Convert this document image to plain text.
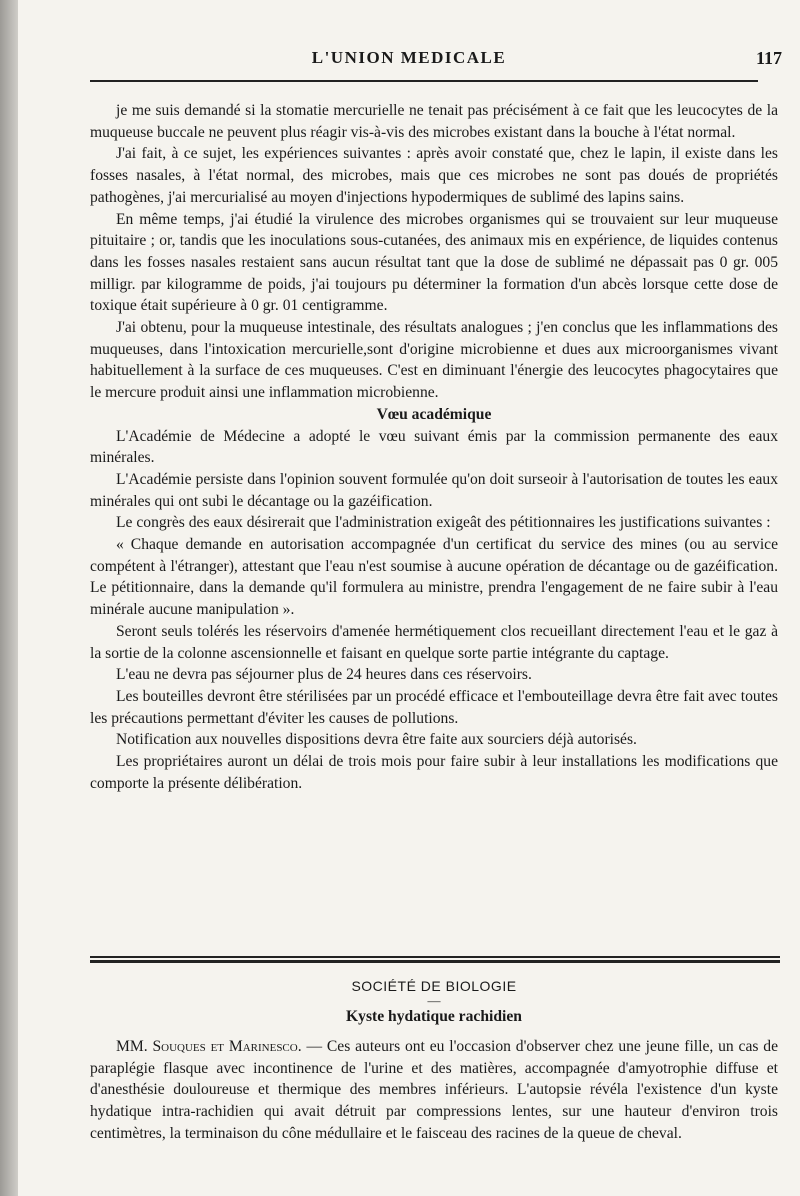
L'UNION MEDICALE	117

je me suis demandé si la stomatie mercurielle ne tenait pas précisément à ce fait que les leucocytes de la muqueuse buccale ne peuvent plus réagir vis-à-vis des microbes existant dans la bouche à l'état normal.

J'ai fait, à ce sujet, les expériences suivantes : après avoir constaté que, chez le lapin, il existe dans les fosses nasales, à l'état normal, des microbes, mais que ces microbes ne sont pas doués de propriétés pathogènes, j'ai mercurialisé au moyen d'injections hypodermiques de sublimé des lapins sains.

En même temps, j'ai étudié la virulence des microbes organismes qui se trouvaient sur leur muqueuse pituitaire ; or, tandis que les inoculations sous-cutanées, des animaux mis en expérience, de liquides contenus dans les fosses nasales restaient sans aucun résultat tant que la dose de sublimé ne dépassait pas 0 gr. 005 milligr. par kilogramme de poids, j'ai toujours pu déterminer la formation d'un abcès lorsque cette dose de toxique était supérieure à 0 gr. 01 centigramme.

J'ai obtenu, pour la muqueuse intestinale, des résultats analogues ; j'en conclus que les inflammations des muqueuses, dans l'intoxication mercurielle,sont d'origine microbienne et dues aux microorganismes vivant habituellement à la surface de ces muqueuses. C'est en diminuant l'énergie des leucocytes phagocytaires que le mercure produit ainsi une inflammation microbienne.

Vœu académique

L'Académie de Médecine a adopté le vœu suivant émis par la commission permanente des eaux minérales.

L'Académie persiste dans l'opinion souvent formulée qu'on doit surseoir à l'autorisation de toutes les eaux minérales qui ont subi le décantage ou la gazéification.

Le congrès des eaux désirerait que l'administration exigeât des pétitionnaires les justifications suivantes :

« Chaque demande en autorisation accompagnée d'un certificat du service des mines (ou au service compétent à l'étranger), attestant que l'eau n'est soumise à aucune opération de décantage ou de gazéification. Le pétitionnaire, dans la demande qu'il formulera au ministre, prendra l'engagement de ne faire subir à l'eau minérale aucune manipulation ».

Seront seuls tolérés les réservoirs d'amenée hermétiquement clos recueillant directement l'eau et le gaz à la sortie de la colonne ascensionnelle et faisant en quelque sorte partie intégrante du captage.

L'eau ne devra pas séjourner plus de 24 heures dans ces réservoirs.

Les bouteilles devront être stérilisées par un procédé efficace et l'embouteillage devra être fait avec toutes les précautions permettant d'éviter les causes de pollutions.

Notification aux nouvelles dispositions devra être faite aux sourciers déjà autorisés.

Les propriétaires auront un délai de trois mois pour faire subir à leur installations les modifications que comporte la présente délibération.

SOCIÉTÉ DE BIOLOGIE
—
Kyste hydatique rachidien

MM. Souques et Marinesco. — Ces auteurs ont eu l'occasion d'observer chez une jeune fille, un cas de paraplégie flasque avec incontinence de l'urine et des matières, accompagnée d'amyotrophie diffuse et d'anesthésie douloureuse et thermique des membres inférieurs. L'autopsie révéla l'existence d'un kyste hydatique intra-rachidien qui avait détruit par compressions lentes, sur une hauteur d'environ trois centimètres, la terminaison du cône médullaire et le faisceau des racines de la queue de cheval.
